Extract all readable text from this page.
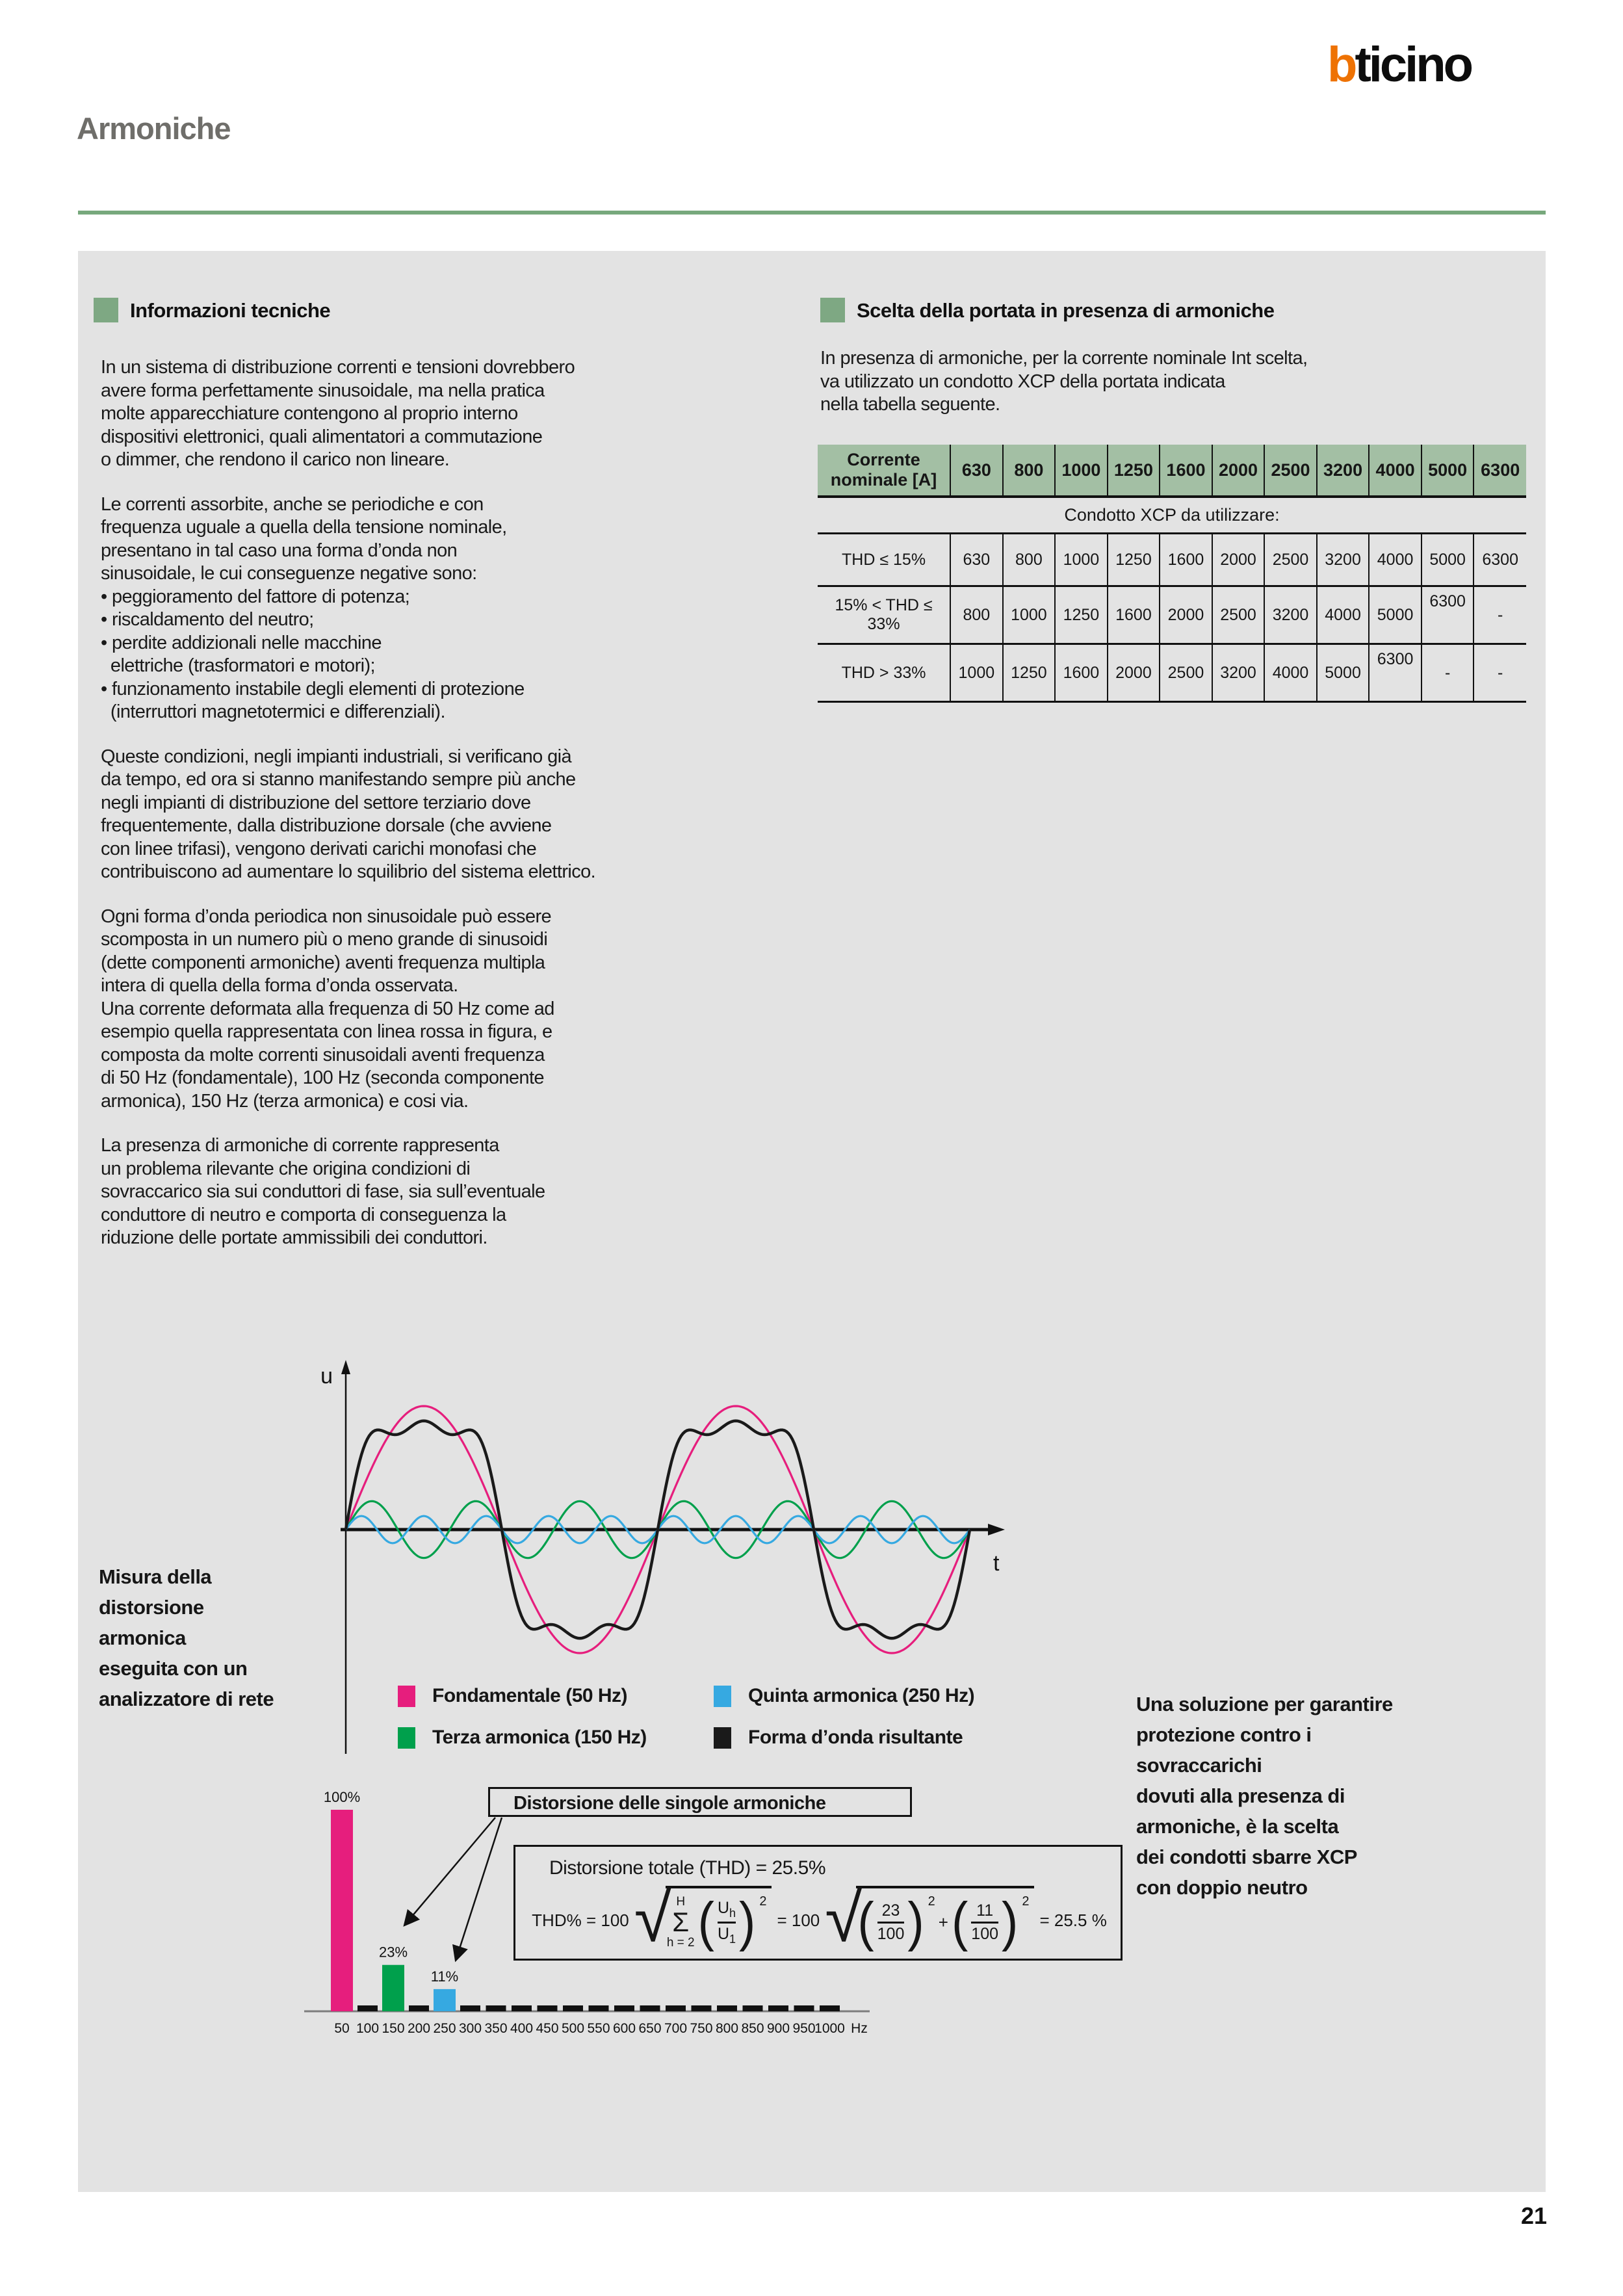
Armoniche
bticino
21
Informazioni tecniche

In un sistema di distribuzione correnti e tensioni dovrebbero
avere forma perfettamente sinusoidale, ma nella pratica
molte apparecchiature contengono al proprio interno
dispositivi elettronici, quali alimentatori a commutazione
o dimmer, che rendono il carico non lineare.

Le correnti assorbite, anche se periodiche e con
frequenza uguale a quella della tensione nominale,
presentano in tal caso una forma d’onda non
sinusoidale, le cui conseguenze negative sono:
• peggioramento del fattore di potenza;
• riscaldamento del neutro;
• perdite addizionali nelle macchine
elettriche (trasformatori e motori);
• funzionamento instabile degli elementi di protezione
(interruttori magnetotermici e differenziali).

Queste condizioni, negli impianti industriali, si verificano già
da tempo, ed ora si stanno manifestando sempre più anche
negli impianti di distribuzione del settore terziario dove
frequentemente, dalla distribuzione dorsale (che avviene
con linee trifasi), vengono derivati carichi monofasi che
contribuiscono ad aumentare lo squilibrio del sistema elettrico.

Ogni forma d’onda periodica non sinusoidale può essere
scomposta in un numero più o meno grande di sinusoidi
(dette componenti armoniche) aventi frequenza multipla
intera di quella della forma d’onda osservata.
Una corrente deformata alla frequenza di 50 Hz come ad
esempio quella rappresentata con linea rossa in figura, e
composta da molte correnti sinusoidali aventi frequenza
di 50 Hz (fondamentale), 100 Hz (seconda componente
armonica), 150 Hz (terza armonica) e cosi via.

La presenza di armoniche di corrente rappresenta
un problema rilevante che origina condizioni di
sovraccarico sia sui conduttori di fase, sia sull’eventuale
conduttore di neutro e comporta di conseguenza la
riduzione delle portate ammissibili dei conduttori.

Scelta della portata in presenza di armoniche

In presenza di armoniche, per la corrente nominale Int scelta,
va utilizzato un condotto XCP della portata indicata
nella tabella seguente.

Corrente
nominale [A]	630	800	1000	1250	1600	2000	2500	3200	4000	5000	6300
Condotto XCP da utilizzare:											
THD ≤ 15%	630	800	1000	1250	1600	2000	2500	3200	4000	5000	6300
15% < THD ≤ 33%	800	1000	1250	1600	2000	2500	3200	4000	5000	6300	-
THD > 33%	1000	1250	1600	2000	2500	3200	4000	5000	6300	-	-
u
t
Misura della
distorsione
armonica
eseguita con un
analizzatore di rete	Una soluzione per garantire
protezione contro i
sovraccarichi
dovuti alla presenza di
armoniche, è la scelta
dei condotti sbarre XCP
con doppio neutro
Fondamentale (50 Hz)	Quinta armonica (250 Hz)
Terza armonica (150 Hz)	Forma d’onda risultante
100%
50 100
23%
150 200
11%
250 300 350 400 450 500 550 600 650 700 750 800 850 900 950
1000 Hz
Distorsione delle singole armoniche
Distorsione totale (THD) = 25.5%
THD% = 100 √ H
Σ
h = 2 ( $\frac{U_h}{U_1}$ ) 2
= 100 √
( $\frac{23}{100}$ ) 2
+ ( $\frac{11}{100}$ ) 2
= 25.5 %
